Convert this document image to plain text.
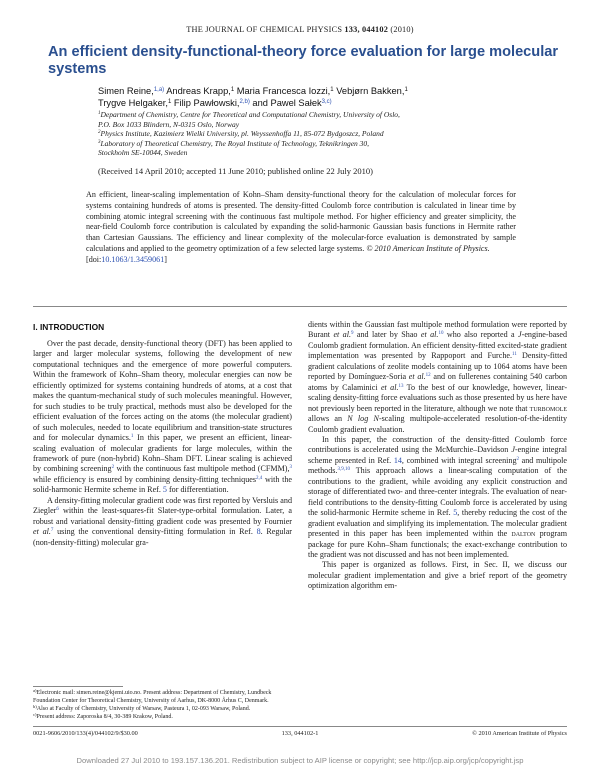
THE JOURNAL OF CHEMICAL PHYSICS 133, 044102 (2010)
An efficient density-functional-theory force evaluation for large molecular systems
Simen Reine,$^{1,a)}$ Andreas Krapp,$^1$ Maria Francesca Iozzi,$^1$ Vebjørn Bakken,$^1$
Trygve Helgaker,$^1$ Filip Pawłowski,$^{2,b)}$ and Pawel Sałek$^{3,c)}$
$^1$Department of Chemistry, Centre for Theoretical and Computational Chemistry, University of Oslo,
P.O. Box 1033 Blindern, N-0315 Oslo, Norway
$^2$Physics Institute, Kazimierz Wielki University, pl. Weyssenhoffa 11, 85-072 Bydgoszcz, Poland
$^3$Laboratory of Theoretical Chemistry, The Royal Institute of Technology, Teknikringen 30,
Stockholm SE-10044, Sweden
(Received 14 April 2010; accepted 11 June 2010; published online 22 July 2010)
An efficient, linear-scaling implementation of Kohn–Sham density-functional theory for the calculation of molecular forces for systems containing hundreds of atoms is presented. The density-fitted Coulomb force contribution is calculated in linear time by combining atomic integral screening with the continuous fast multipole method. For higher efficiency and greater simplicity, the near-field Coulomb force contribution is calculated by expanding the solid-harmonic Gaussian basis functions in Hermite rather than Cartesian Gaussians. The efficiency and linear complexity of the molecular-force evaluation is demonstrated by sample calculations and applied to the geometry optimization of a few selected large systems. © 2010 American Institute of Physics.
[doi:10.1063/1.3459061]
I. INTRODUCTION

Over the past decade, density-functional theory (DFT) has been applied to larger and larger molecular systems, following the development of new computational techniques and the emergence of more powerful computers. Within the framework of Kohn–Sham theory, molecular energies can now be efficiently optimized for systems containing hundreds of atoms, at a cost that makes the quantum-mechanical study of such molecules meaningful. However, for such studies to be truly practical, methods must also be developed for the efficient evaluation of the forces acting on the atoms (the molecular gradient) of such molecules, needed to locate equilibrium and transition-state structures and for molecular dynamics.$^1$ In this paper, we present an efficient, linear-scaling evaluation of molecular gradients for large molecules, within the framework of pure (non-hybrid) Kohn–Sham DFT. Linear scaling is achieved by combining screening$^2$ with the continuous fast multipole method (CFMM),$^3$ while efficiency is ensured by combining density-fitting techniques$^{2,4}$ with the solid-harmonic Hermite scheme in Ref. 5 for differentiation.

A density-fitting molecular gradient code was first reported by Versluis and Ziegler$^6$ within the least-squares-fit Slater-type-orbital formulation. Later, a robust and variational density-fitting gradient code was presented by Fournier et al.$^7$ using the conventional density-fitting formulation in Ref. 8. Regular (non-density-fitting) molecular gra-

dients within the Gaussian fast multipole method formulation were reported by Burant et al.$^9$ and later by Shao et al.$^{10}$ who also reported a J-engine-based Coulomb gradient formulation. An efficient density-fitted excited-state gradient implementation was presented by Rappoport and Furche.$^{11}$ Density-fitted gradient calculations of zeolite models containing up to 1064 atoms have been reported by Domínguez-Soria et al.$^{12}$ and on fullerenes containing 540 carbon atoms by Calaminici et al.$^{13}$ To the best of our knowledge, however, linear-scaling density-fitting force evaluations such as those presented by us here have not previously been reported in the literature, although we note that turbomole allows an N log N-scaling multipole-accelerated resolution-of-the-identity Coulomb gradient evaluation.

In this paper, the construction of the density-fitted Coulomb force contributions is accelerated using the McMurchie–Davidson J-engine integral scheme presented in Ref. 14, combined with integral screening$^2$ and multipole methods.$^{3,9,10}$ This approach allows a linear-scaling computation of the contributions to the gradient, while avoiding any explicit construction and storage of differentiated two- and three-center integrals. The evaluation of near-field contributions to the density-fitting Coulomb force is accelerated by using the solid-harmonic Hermite scheme in Ref. 5, thereby reducing the cost of the gradient evaluation and simplifying its implementation. The molecular gradient presented in this paper has been implemented within the dalton program package for pure Kohn–Sham functionals; the exact-exchange contribution to the gradient was not discussed and has not been implemented.

This paper is organized as follows. First, in Sec. II, we discuss our molecular gradient implementation and give a brief report of the geometry optimization algorithm em-

$^{a)}$Electronic mail: simen.reine@kjemi.uio.no. Present address: Department of Chemistry, Lundbeck Foundation Center for Theoretical Chemistry, University of Aarhus, DK-8000 Århus C, Denmark.
$^{b)}$Also at Faculty of Chemistry, University of Warsaw, Pasteura 1, 02-093 Warsaw, Poland.
$^{c)}$Present address: Zaporoska 8/4, 30-389 Krakow, Poland.
0021-9606/2010/133(4)/044102/9/$30.00	133, 044102-1	© 2010 American Institute of Physics
Downloaded 27 Jul 2010 to 193.157.136.201. Redistribution subject to AIP license or copyright; see http://jcp.aip.org/jcp/copyright.jsp
